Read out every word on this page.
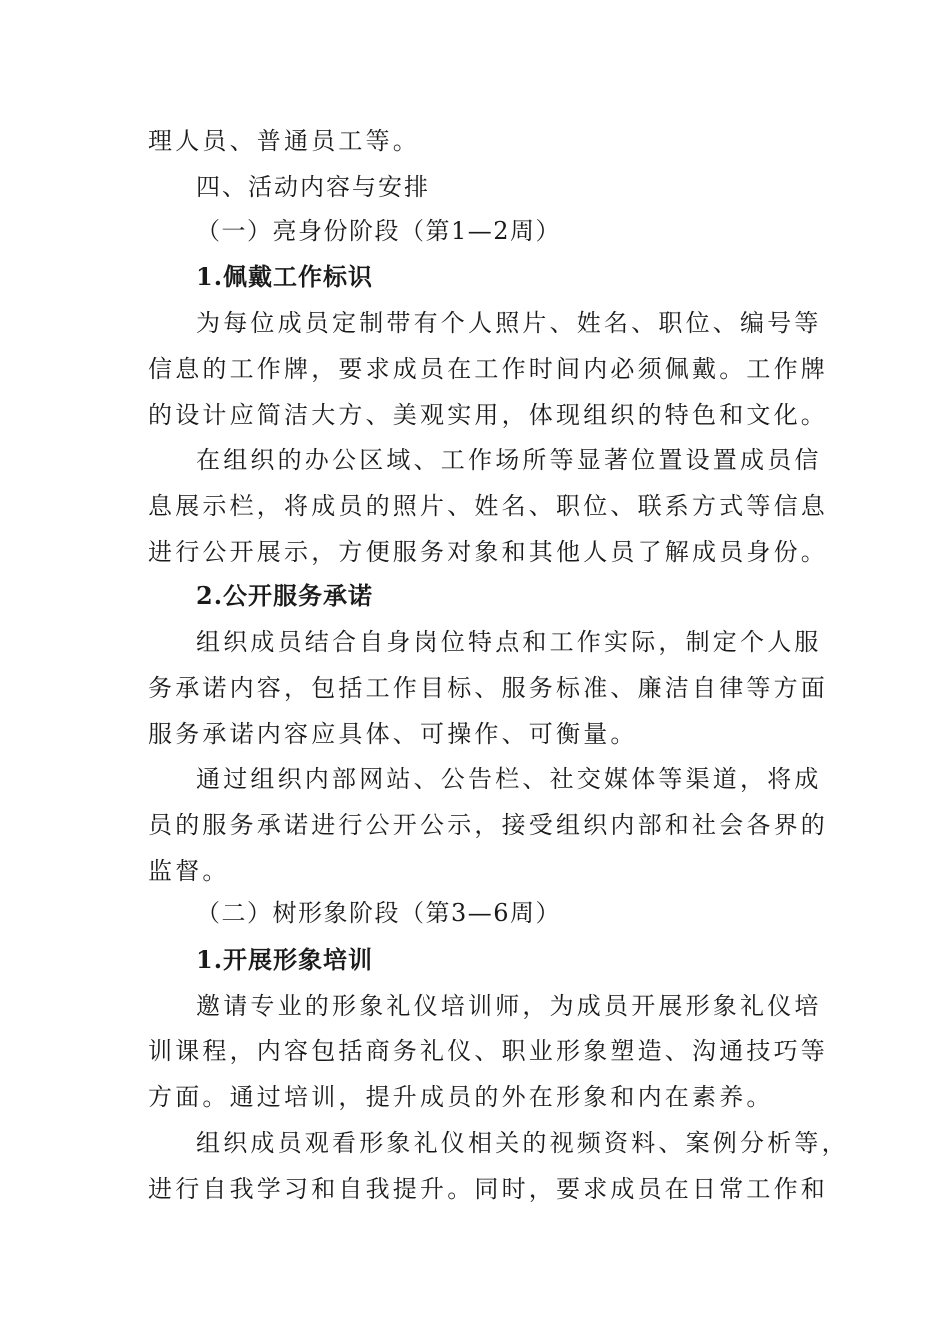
理人员、普通员工等。
四、活动内容与安排
（一）亮身份阶段（第1—2周）
1.佩戴工作标识
为每位成员定制带有个人照片、姓名、职位、编号等
信息的工作牌，要求成员在工作时间内必须佩戴。工作牌
的设计应简洁大方、美观实用，体现组织的特色和文化。
在组织的办公区域、工作场所等显著位置设置成员信
息展示栏，将成员的照片、姓名、职位、联系方式等信息
进行公开展示，方便服务对象和其他人员了解成员身份。
2.公开服务承诺
组织成员结合自身岗位特点和工作实际，制定个人服
务承诺内容，包括工作目标、服务标准、廉洁自律等方面
服务承诺内容应具体、可操作、可衡量。
通过组织内部网站、公告栏、社交媒体等渠道，将成
员的服务承诺进行公开公示，接受组织内部和社会各界的
监督。
（二）树形象阶段（第3—6周）
1.开展形象培训
邀请专业的形象礼仪培训师，为成员开展形象礼仪培
训课程，内容包括商务礼仪、职业形象塑造、沟通技巧等
方面。通过培训，提升成员的外在形象和内在素养。
组织成员观看形象礼仪相关的视频资料、案例分析等，
进行自我学习和自我提升。同时，要求成员在日常工作和
